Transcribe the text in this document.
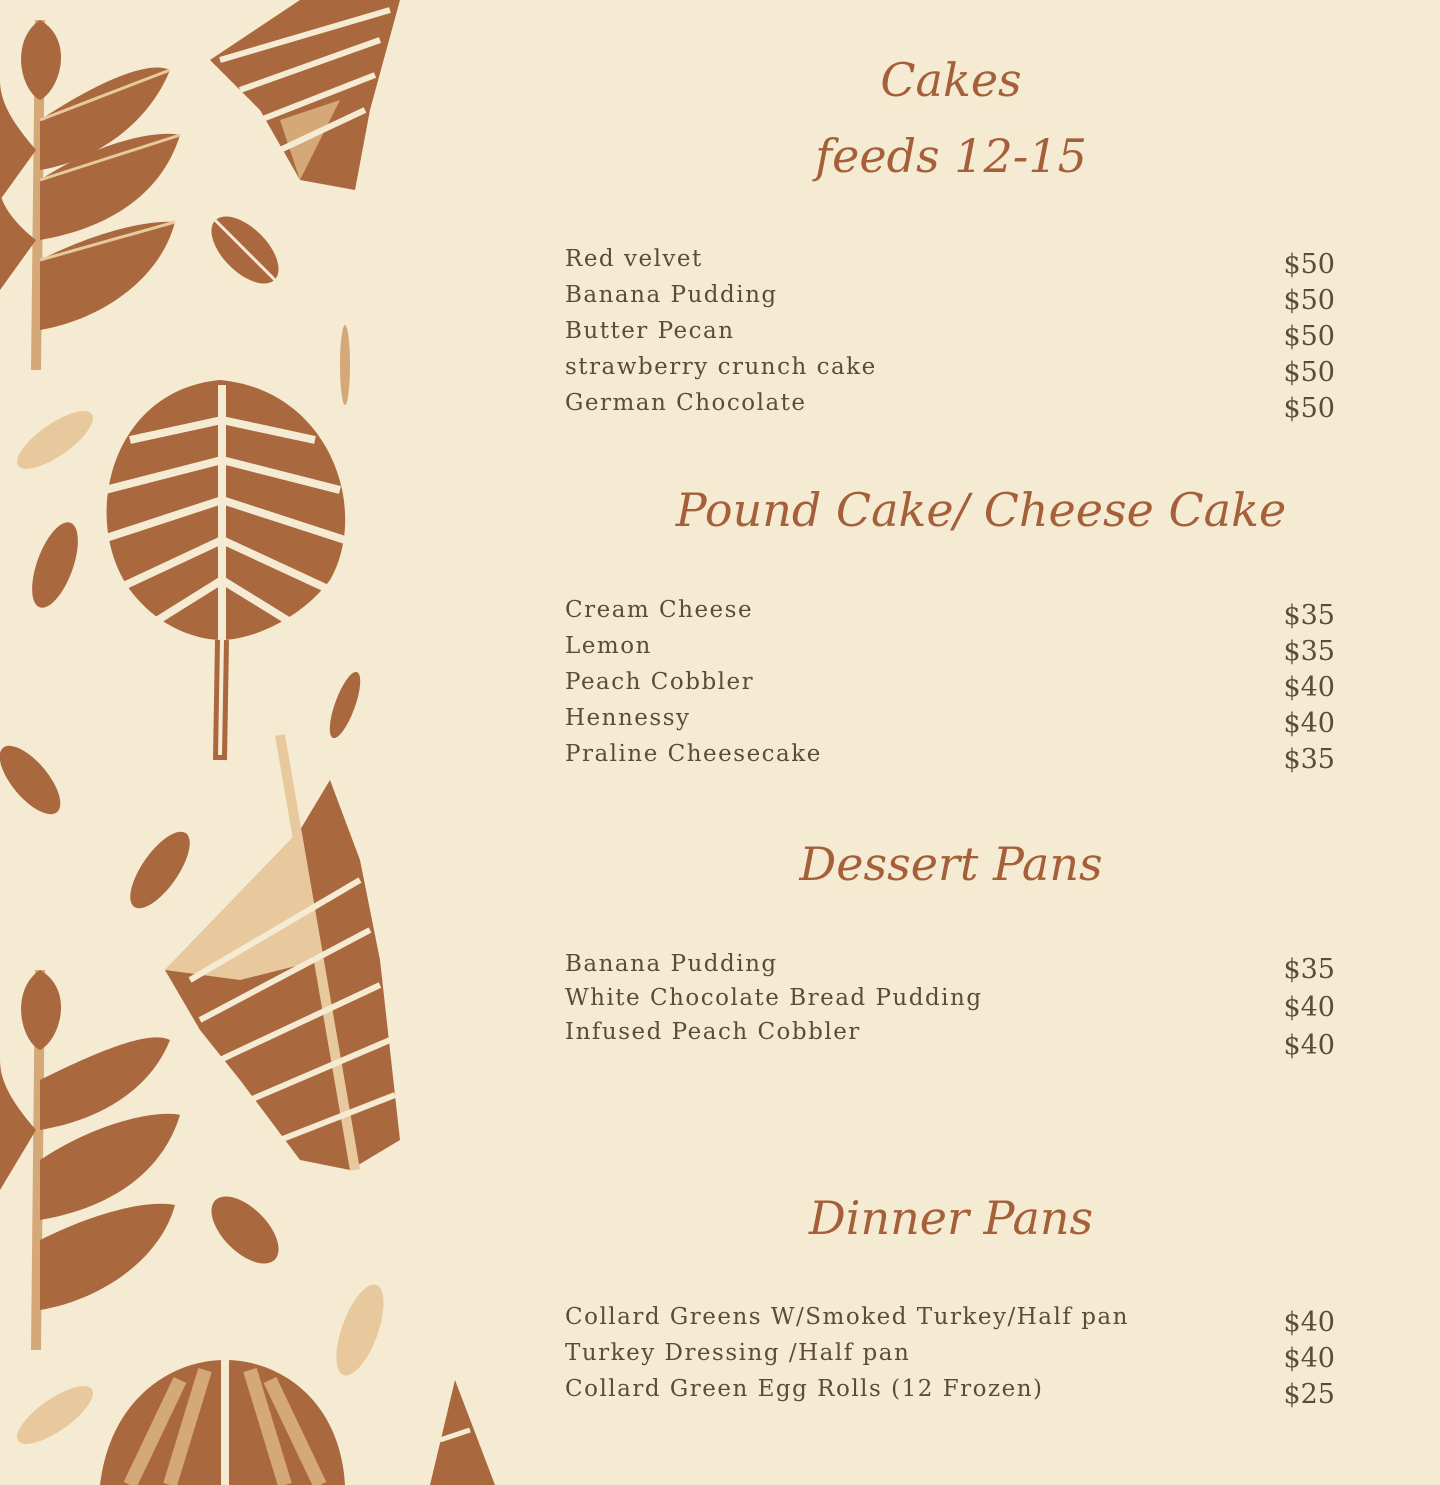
Cakes
feeds 12-15
Red velvet	$50
Banana Pudding	$50
Butter Pecan	$50
strawberry crunch cake	$50
German Chocolate	$50
Pound Cake/ Cheese Cake
Cream Cheese	$35
Lemon	$35
Peach Cobbler	$40
Hennessy	$40
Praline Cheesecake	$35
Dessert Pans
Banana Pudding	$35
White Chocolate Bread Pudding	$40
Infused Peach Cobbler	$40
Dinner Pans
Collard Greens W/Smoked Turkey/Half pan	$40
Turkey Dressing /Half pan	$40
Collard Green Egg Rolls (12 Frozen)	$25
